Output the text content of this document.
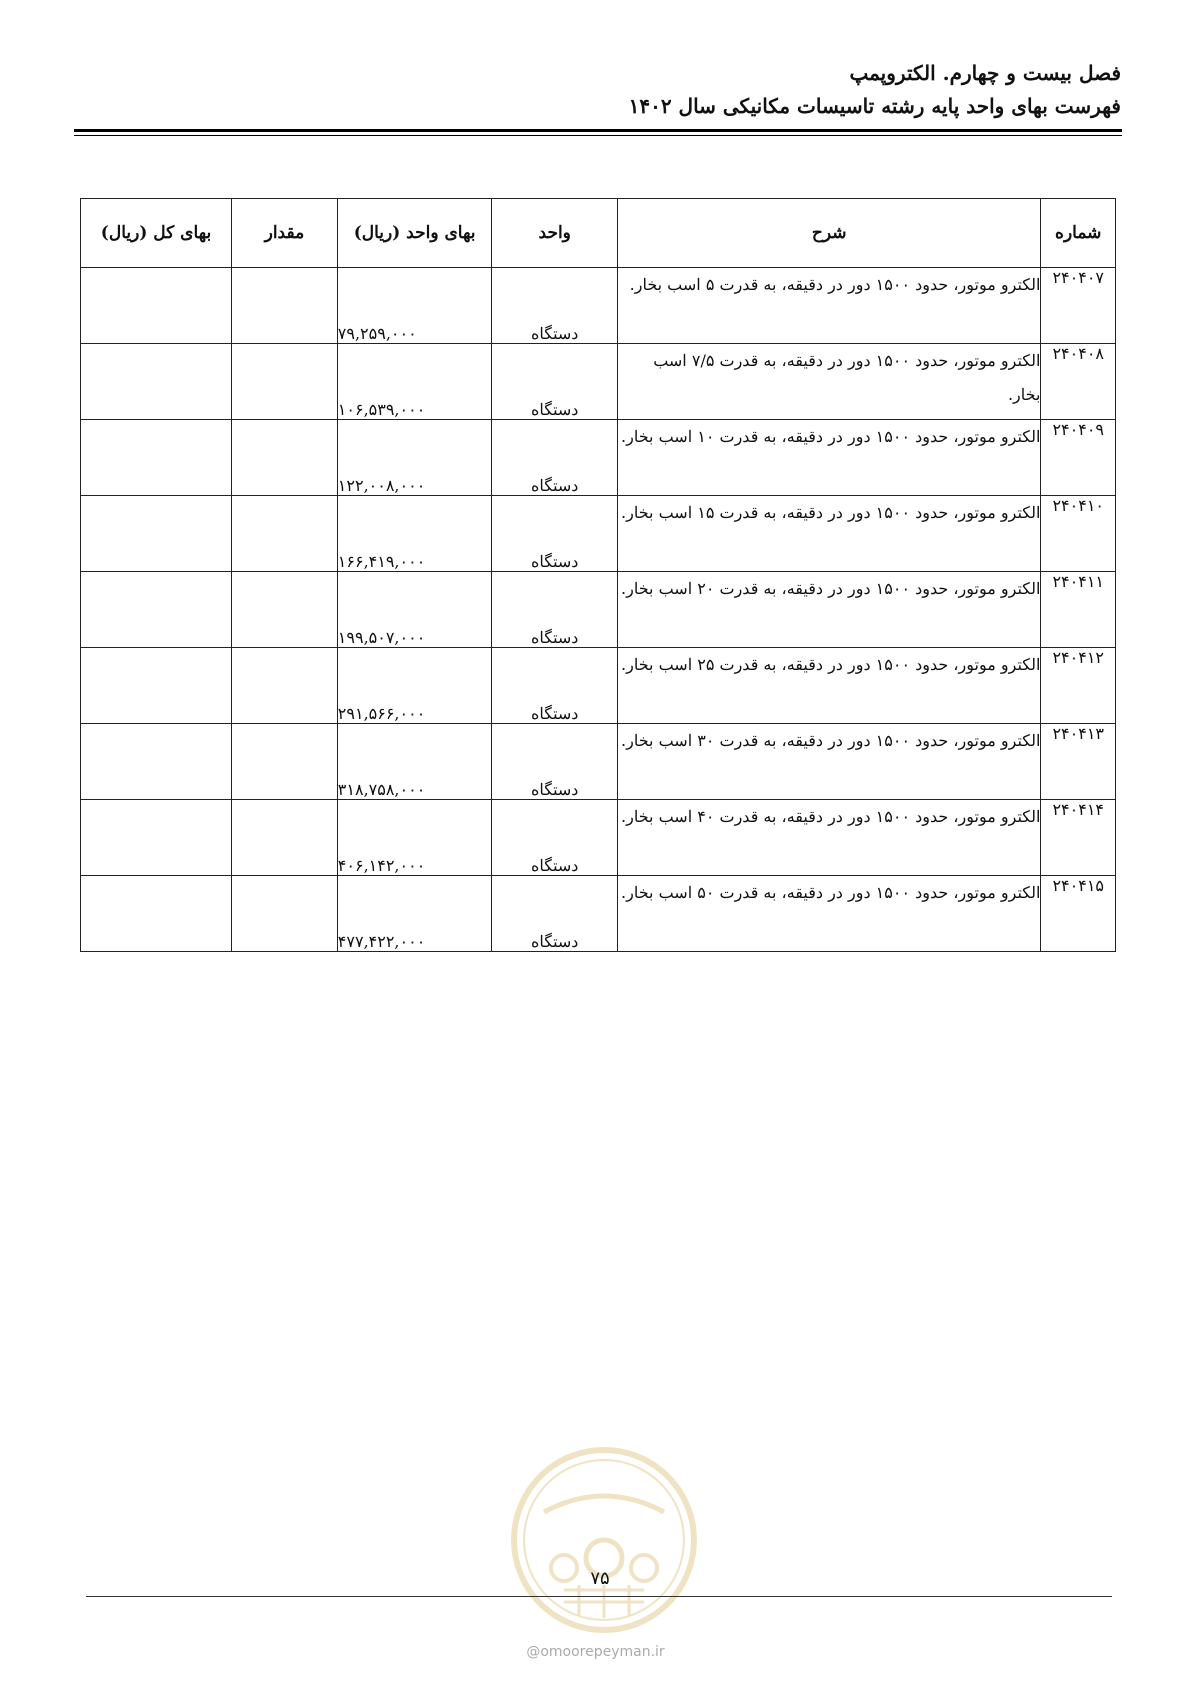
فصل بیست و چهارم. الکتروپمپ
فهرست بهای واحد پایه رشته تاسیسات مکانیکی سال ۱۴۰۲
شماره	شرح	واحد	بهای واحد (ریال)	مقدار	بهای کل (ریال)
۲۴۰۴۰۷	الکترو موتور، حدود ۱۵۰۰ دور در دقیقه، به قدرت ۵ اسب بخار.	دستگاه	۷۹,۲۵۹,۰۰۰		
۲۴۰۴۰۸	الکترو موتور، حدود ۱۵۰۰ دور در دقیقه، به قدرت ۷/۵ اسب بخار.	دستگاه	۱۰۶,۵۳۹,۰۰۰		
۲۴۰۴۰۹	الکترو موتور، حدود ۱۵۰۰ دور در دقیقه، به قدرت ۱۰ اسب بخار.	دستگاه	۱۲۲,۰۰۸,۰۰۰		
۲۴۰۴۱۰	الکترو موتور، حدود ۱۵۰۰ دور در دقیقه، به قدرت ۱۵ اسب بخار.	دستگاه	۱۶۶,۴۱۹,۰۰۰		
۲۴۰۴۱۱	الکترو موتور، حدود ۱۵۰۰ دور در دقیقه، به قدرت ۲۰ اسب بخار.	دستگاه	۱۹۹,۵۰۷,۰۰۰		
۲۴۰۴۱۲	الکترو موتور، حدود ۱۵۰۰ دور در دقیقه، به قدرت ۲۵ اسب بخار.	دستگاه	۲۹۱,۵۶۶,۰۰۰		
۲۴۰۴۱۳	الکترو موتور، حدود ۱۵۰۰ دور در دقیقه، به قدرت ۳۰ اسب بخار.	دستگاه	۳۱۸,۷۵۸,۰۰۰		
۲۴۰۴۱۴	الکترو موتور، حدود ۱۵۰۰ دور در دقیقه، به قدرت ۴۰ اسب بخار.	دستگاه	۴۰۶,۱۴۲,۰۰۰		
۲۴۰۴۱۵	الکترو موتور، حدود ۱۵۰۰ دور در دقیقه، به قدرت ۵۰ اسب بخار.	دستگاه	۴۷۷,۴۲۲,۰۰۰		
۷۵
@omoorepeyman.ir
